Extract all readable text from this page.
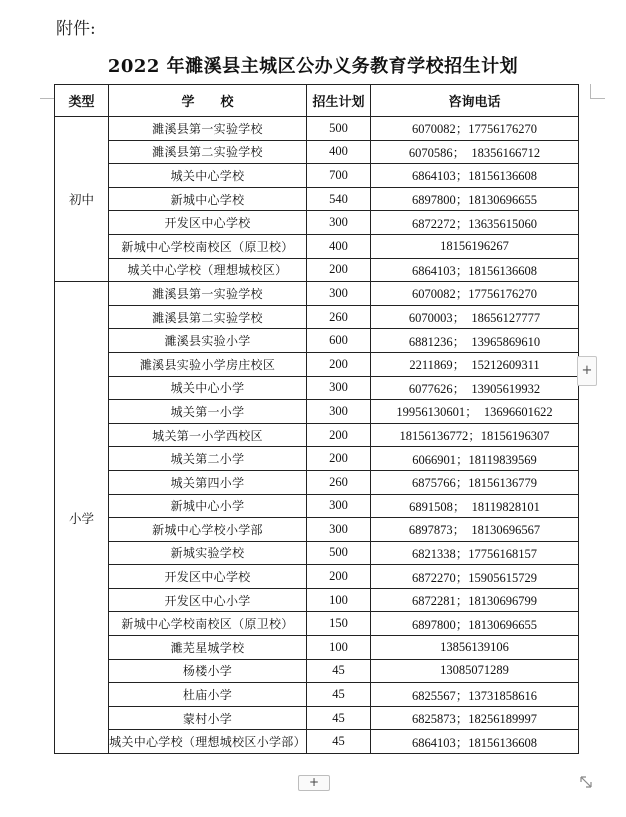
附件:
2022 年濉溪县主城区公办义务教育学校招生计划
类型	学　　校	招生计划	咨询电话
初中	濉溪县第一实验学校	500	6070082；17756176270
	濉溪县第二实验学校	400	6070586；　18356166712
	城关中心学校	700	6864103；18156136608
	新城中心学校	540	6897800；18130696655
	开发区中心学校	300	6872272；13635615060
	新城中心学校南校区（原卫校）	400	18156196267
	城关中心学校（理想城校区）	200	6864103；18156136608
小学	濉溪县第一实验学校	300	6070082；17756176270
	濉溪县第二实验学校	260	6070003；　18656127777
	濉溪县实验小学	600	6881236；　13965869610
	濉溪县实验小学房庄校区	200	2211869；　15212609311
	城关中心小学	300	6077626；　13905619932
	城关第一小学	300	19956130601；　13696601622
	城关第一小学西校区	200	18156136772；18156196307
	城关第二小学	200	6066901；18119839569
	城关第四小学	260	6875766；18156136779
	新城中心小学	300	6891508；　18119828101
	新城中心学校小学部	300	6897873；　18130696567
	新城实验学校	500	6821338；17756168157
	开发区中心学校	200	6872270；15905615729
	开发区中心小学	100	6872281；18130696799
	新城中心学校南校区（原卫校）	150	6897800；18130696655
	濉芜星城学校	100	13856139106
	杨楼小学	45	13085071289
	杜庙小学	45	6825567；13731858616
	蒙村小学	45	6825873；18256189997
	城关中心学校（理想城校区小学部）	45	6864103；18156136608
+
+
